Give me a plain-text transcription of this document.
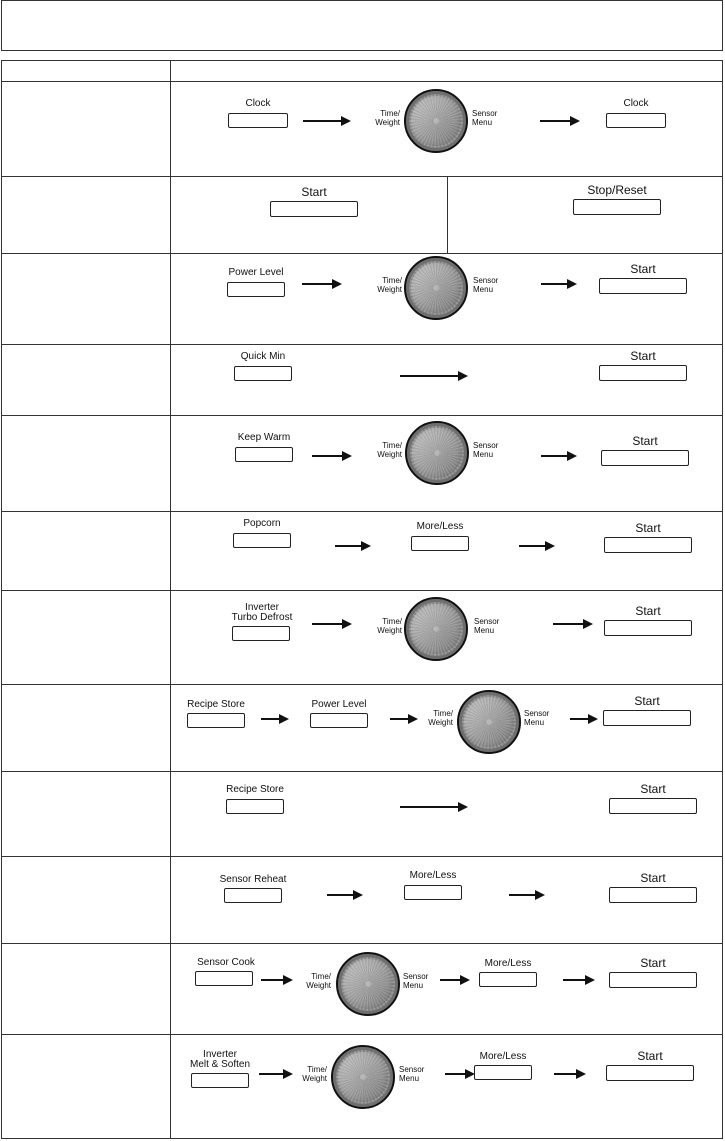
Clock
Time/
Weight
Sensor
Menu
Clock
Start	Stop/Reset
Power Level
Time/
Weight
Sensor
Menu
Start
Quick Min	Start
Keep Warm
Time/
Weight
Sensor
Menu
Start
Popcorn	More/Less	Start
Inverter
Turbo Defrost	Time/
Weight
Sensor
Menu
Start
Recipe Store	Power Level
Time/
Weight
Sensor
Menu
Start
Recipe Store	Start
Sensor Reheat	More/Less	Start
Sensor Cook
Time/
Weight
Sensor
Menu
More/Less	Start
Inverter
Melt & Soften	Time/
Weight
Sensor
Menu
More/Less	Start
